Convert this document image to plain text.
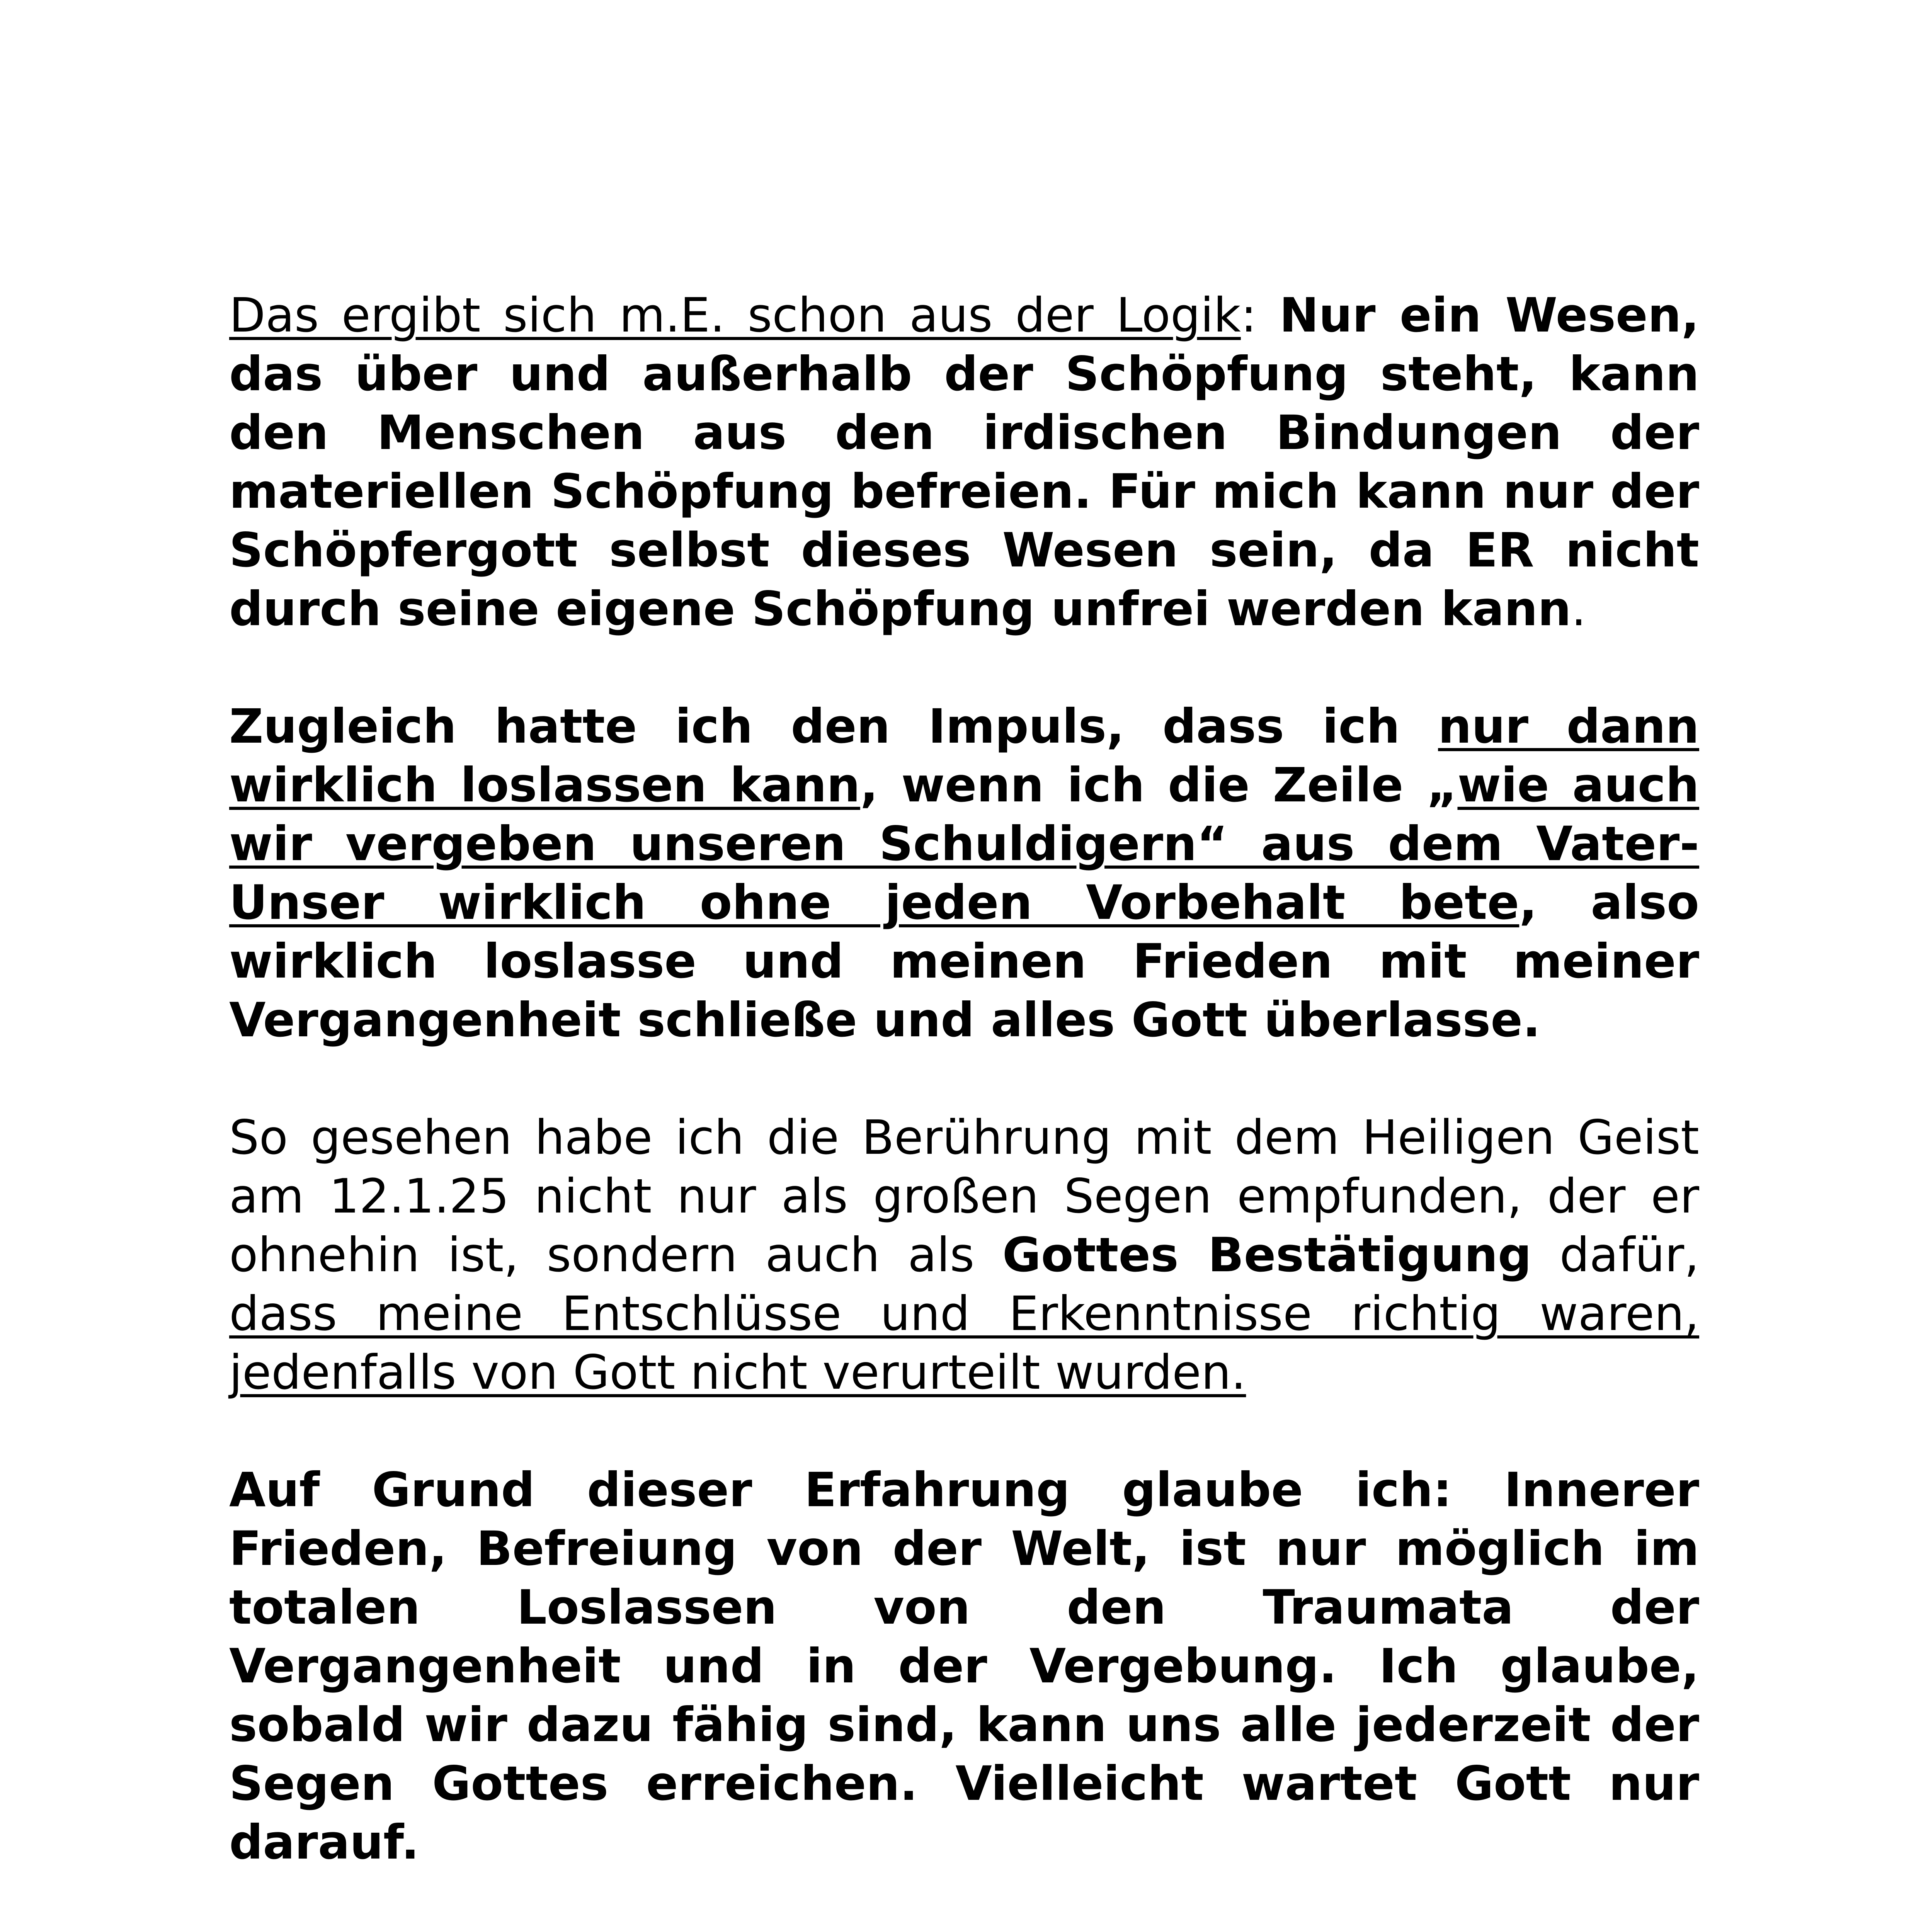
Das ergibt sich m.E. schon aus der Logik: Nur ein Wesen, das über und außerhalb der Schöpfung steht, kann den Menschen aus den irdischen Bindungen der materiellen Schöpfung befreien. Für mich kann nur der Schöpfergott selbst dieses Wesen sein, da ER nicht durch seine eigene Schöpfung unfrei werden kann.

Zugleich hatte ich den Impuls, dass ich nur dann wirklich loslassen kann, wenn ich die Zeile „wie auch wir vergeben unseren Schuldigern“ aus dem Vater-Unser wirklich ohne jeden Vorbehalt bete, also wirklich loslasse und meinen Frieden mit meiner Vergangenheit schließe und alles Gott überlasse.

So gesehen habe ich die Berührung mit dem Heiligen Geist am 12.1.25 nicht nur als großen Segen empfunden, der er ohnehin ist, sondern auch als Gottes Bestätigung dafür, dass meine Entschlüsse und Erkenntnisse richtig waren, jedenfalls von Gott nicht verurteilt wurden.

Auf Grund dieser Erfahrung glaube ich: Innerer Frieden, Befreiung von der Welt, ist nur möglich im totalen Loslassen von den Traumata der Vergangenheit und in der Vergebung. Ich glaube, sobald wir dazu fähig sind, kann uns alle jederzeit der Segen Gottes erreichen. Vielleicht wartet Gott nur darauf.
